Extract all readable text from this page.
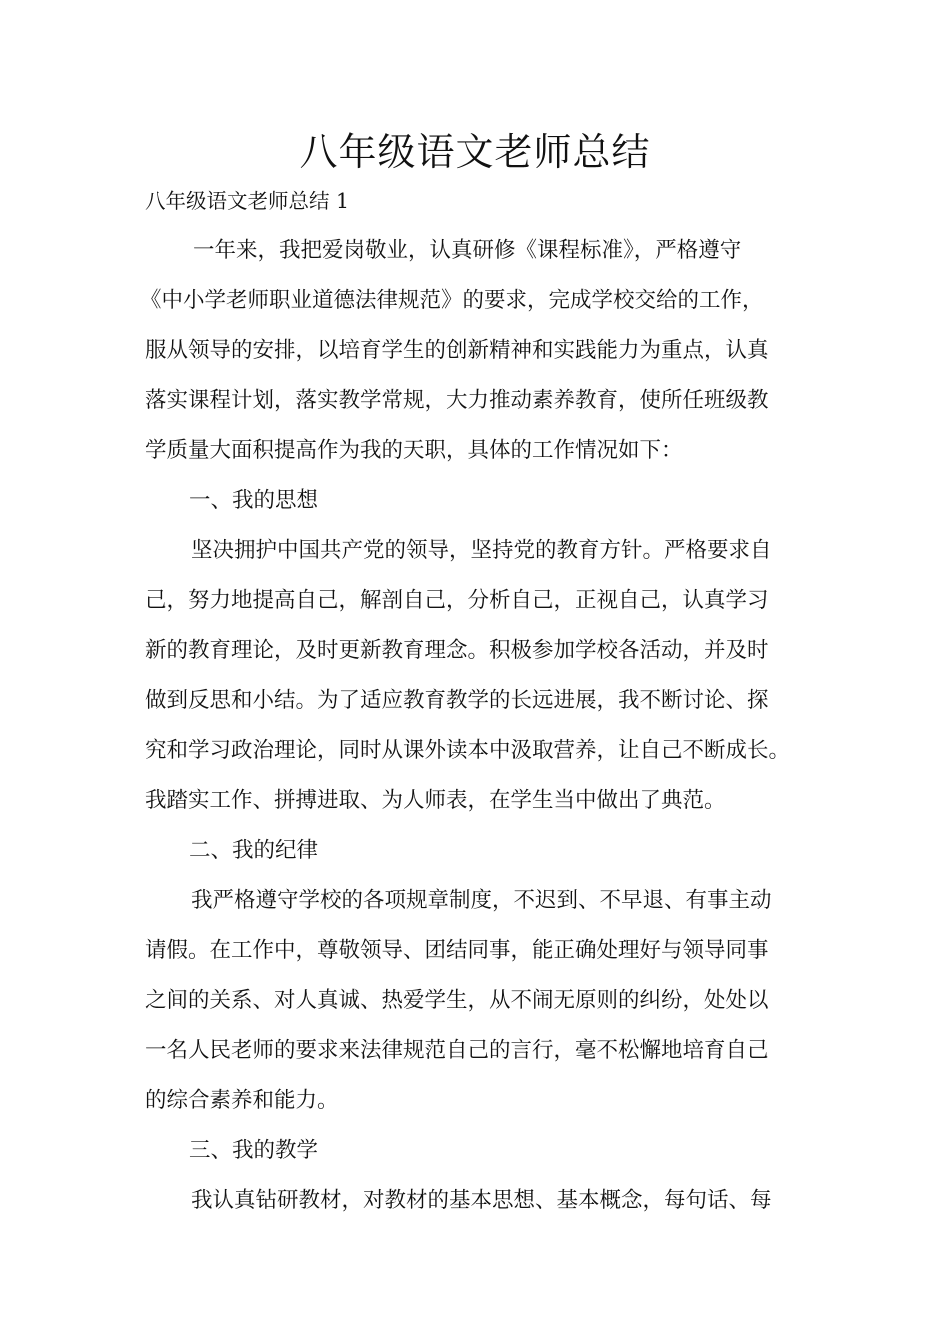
八年级语文老师总结

八年级语文老师总结 1

一年来，我把爱岗敬业，认真研修《课程标准》，严格遵守

《中小学老师职业道德法律规范》的要求，完成学校交给的工作，

服从领导的安排，以培育学生的创新精神和实践能力为重点，认真

落实课程计划，落实教学常规，大力推动素养教育，使所任班级教

学质量大面积提高作为我的天职，具体的工作情况如下：

一、我的思想

坚决拥护中国共产党的领导，坚持党的教育方针。严格要求自

己，努力地提高自己，解剖自己，分析自己，正视自己，认真学习

新的教育理论，及时更新教育理念。积极参加学校各活动，并及时

做到反思和小结。为了适应教育教学的长远进展，我不断讨论、探

究和学习政治理论，同时从课外读本中汲取营养，让自己不断成长。

我踏实工作、拼搏进取、为人师表，在学生当中做出了典范。

二、我的纪律

我严格遵守学校的各项规章制度，不迟到、不早退、有事主动

请假。在工作中，尊敬领导、团结同事，能正确处理好与领导同事

之间的关系、对人真诚、热爱学生，从不闹无原则的纠纷，处处以

一名人民老师的要求来法律规范自己的言行，毫不松懈地培育自己

的综合素养和能力。

三、我的教学

我认真钻研教材，对教材的基本思想、基本概念，每句话、每
